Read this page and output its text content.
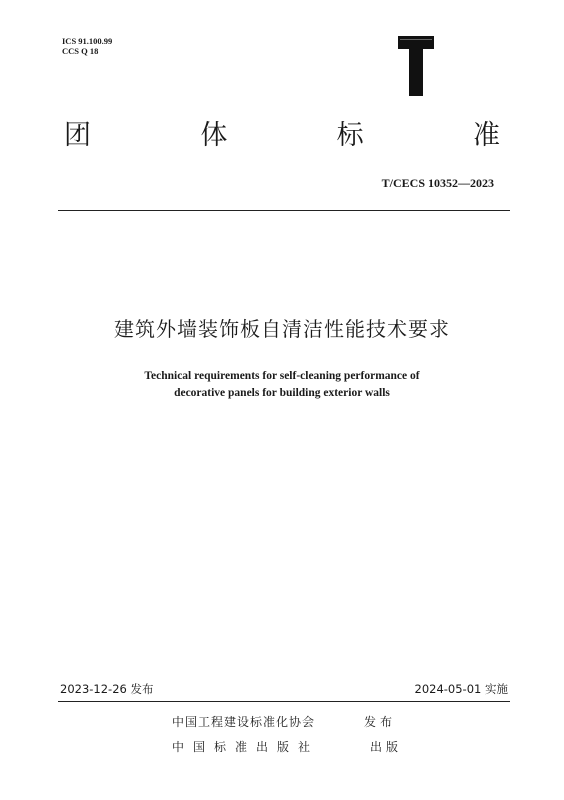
ICS 91.100.99
CCS Q 18
团	体	标	准
T/CECS 10352—2023
建筑外墙装饰板自清洁性能技术要求
Technical requirements for self-cleaning performance of
decorative panels for building exterior walls
2023-12-26 发布	2024-05-01 实施
中国工程建设标准化协会	发布
中国标准出版社	出版
